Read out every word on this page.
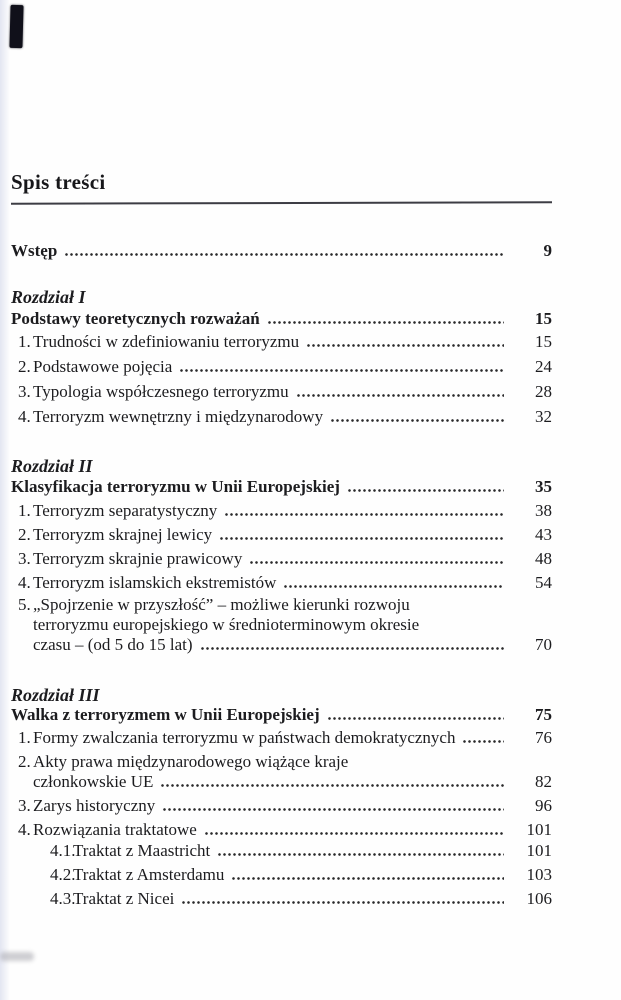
Spis treści
Wstęp	9
Rozdział I
Podstawy teoretycznych rozważań	15
1. Trudności w zdefiniowaniu terroryzmu	15
2. Podstawowe pojęcia	24
3. Typologia współczesnego terroryzmu	28
4. Terroryzm wewnętrzny i międzynarodowy	32
Rozdział II
Klasyfikacja terroryzmu w Unii Europejskiej	35
1. Terroryzm separatystyczny	38
2. Terroryzm skrajnej lewicy	43
3. Terroryzm skrajnie prawicowy	48
4. Terroryzm islamskich ekstremistów	54
5. „Spojrzenie w przyszłość” – możliwe kierunki rozwoju
terroryzmu europejskiego w średnioterminowym okresie
czasu – (od 5 do 15 lat)	70
Rozdział III
Walka z terroryzmem w Unii Europejskiej	75
1. Formy zwalczania terroryzmu w państwach demokratycznych	76
2. Akty prawa międzynarodowego wiążące kraje
członkowskie UE	82
3. Zarys historyczny	96
4. Rozwiązania traktatowe	101
4.1.
Traktat z Maastricht	101
4.2.
Traktat z Amsterdamu	103
4.3.
Traktat z Nicei	106
